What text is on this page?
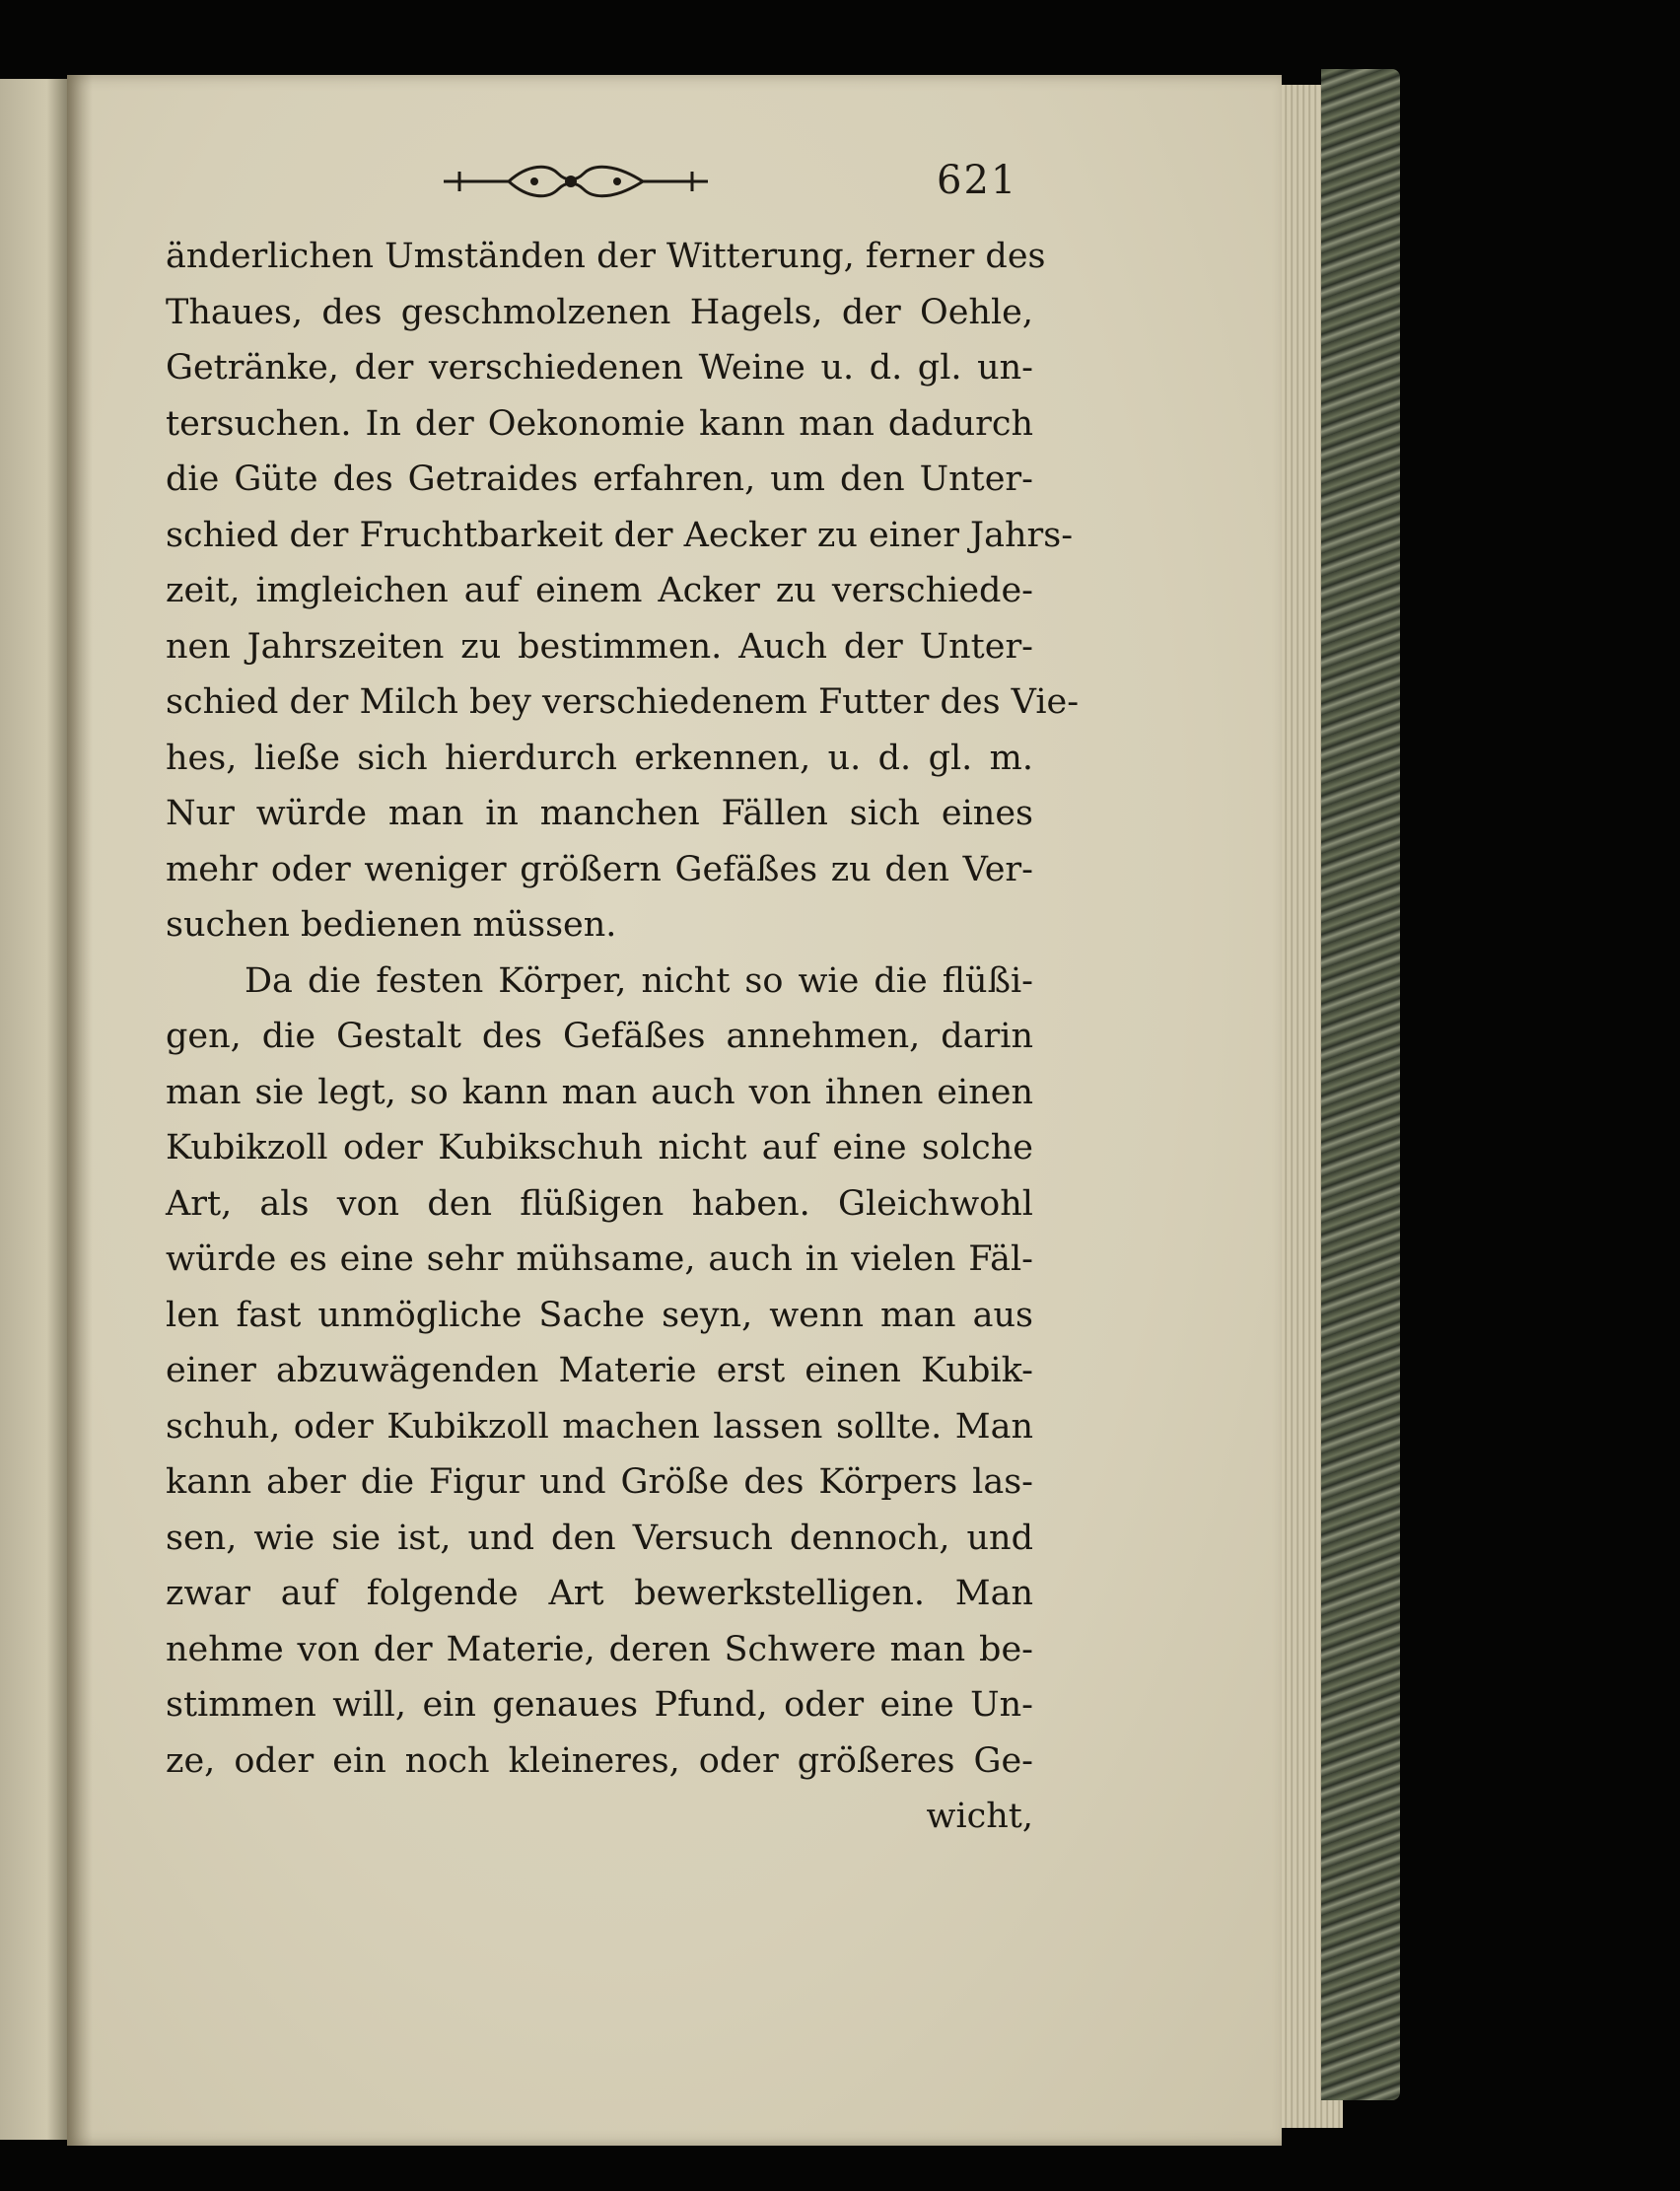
621
änderlichen Umständen der Witterung, ferner des
Thaues, des geschmolzenen Hagels, der Oehle,
Getränke, der verschiedenen Weine u. d. gl. un-
tersuchen. In der Oekonomie kann man dadurch
die Güte des Getraides erfahren, um den Unter-
schied der Fruchtbarkeit der Aecker zu einer Jahrs-
zeit, imgleichen auf einem Acker zu verschiede-
nen Jahrszeiten zu bestimmen. Auch der Unter-
schied der Milch bey verschiedenem Futter des Vie-
hes, ließe sich hierdurch erkennen, u. d. gl. m.
Nur würde man in manchen Fällen sich eines
mehr oder weniger größern Gefäßes zu den Ver-
suchen bedienen müssen.
Da die festen Körper, nicht so wie die flüßi-
gen, die Gestalt des Gefäßes annehmen, darin
man sie legt, so kann man auch von ihnen einen
Kubikzoll oder Kubikschuh nicht auf eine solche
Art, als von den flüßigen haben. Gleichwohl
würde es eine sehr mühsame, auch in vielen Fäl-
len fast unmögliche Sache seyn, wenn man aus
einer abzuwägenden Materie erst einen Kubik-
schuh, oder Kubikzoll machen lassen sollte. Man
kann aber die Figur und Größe des Körpers las-
sen, wie sie ist, und den Versuch dennoch, und
zwar auf folgende Art bewerkstelligen. Man
nehme von der Materie, deren Schwere man be-
stimmen will, ein genaues Pfund, oder eine Un-
ze, oder ein noch kleineres, oder größeres Ge-
wicht,
